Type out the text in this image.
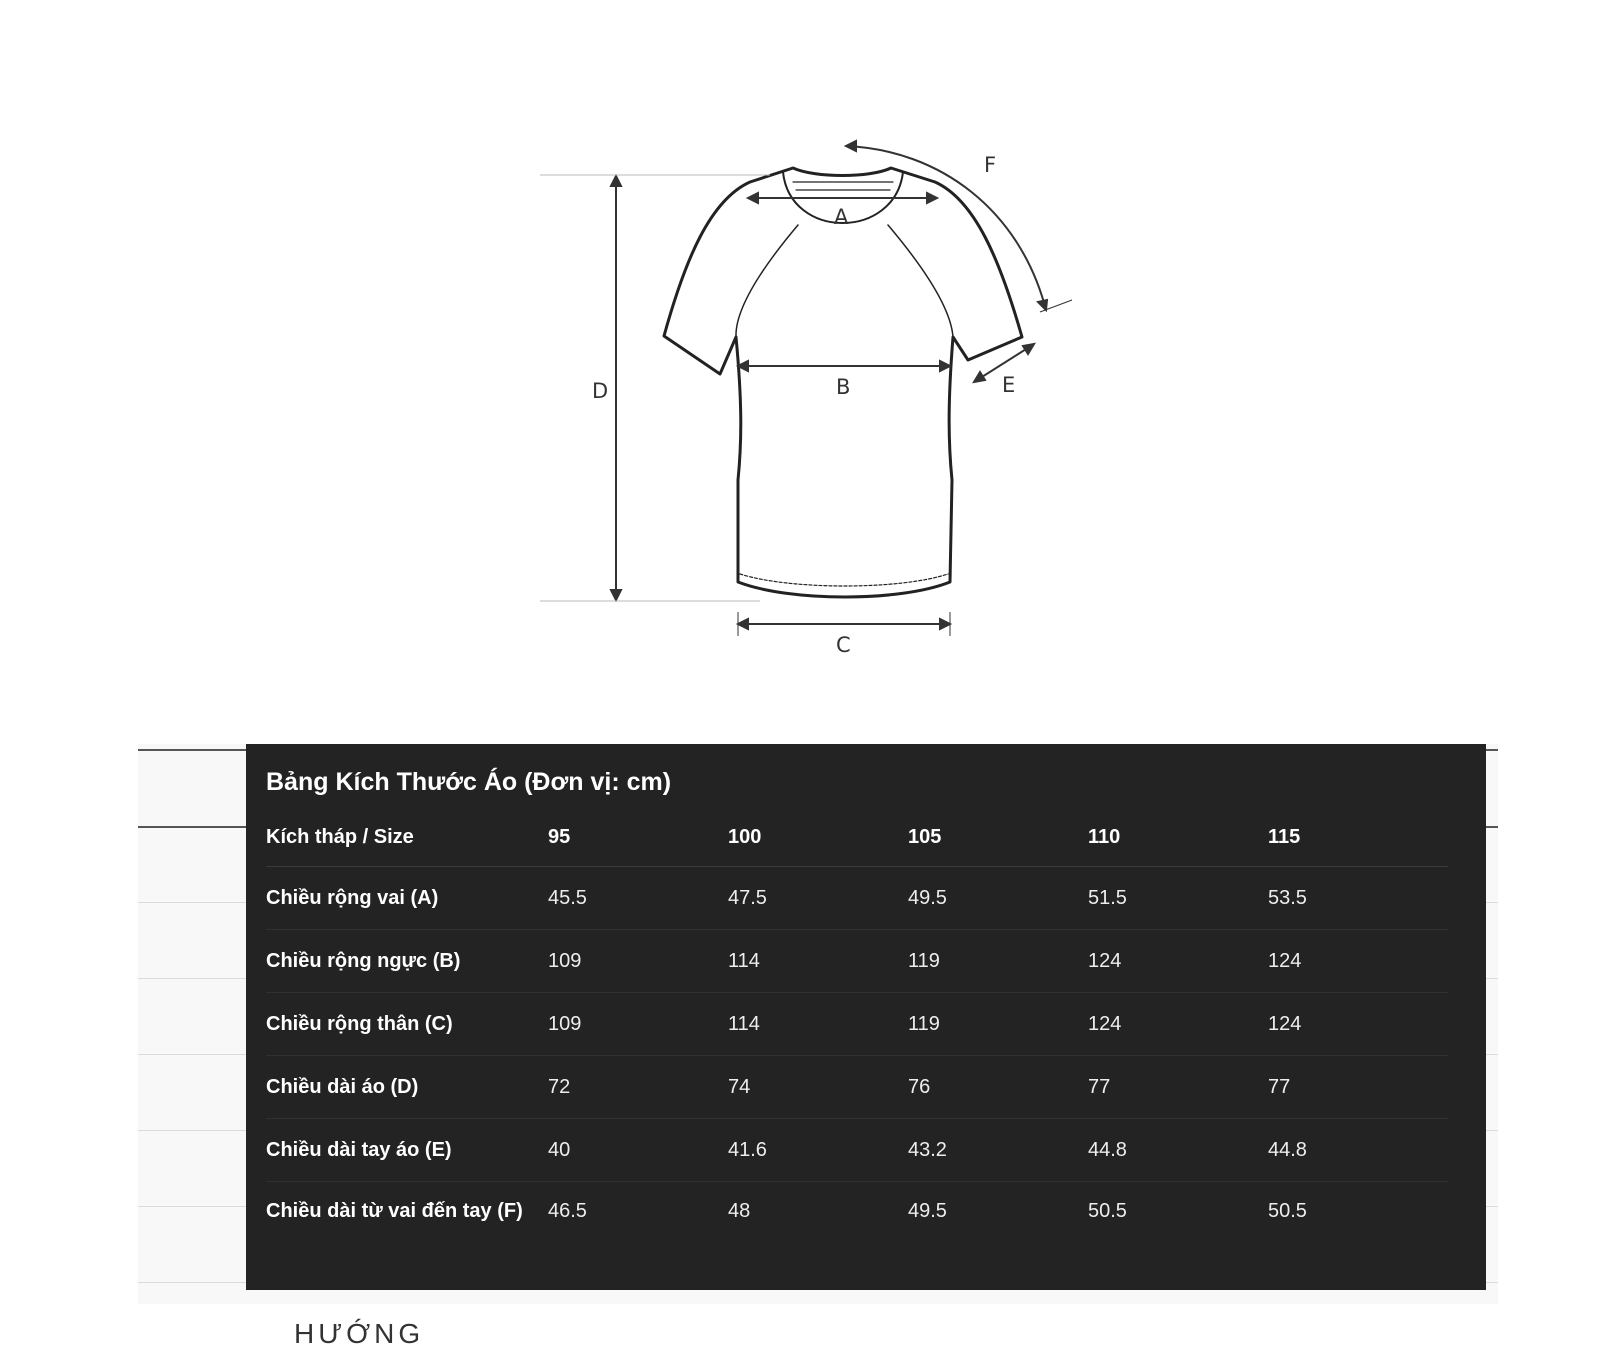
A
B
C
D	E
F
Bảng Kích Thước Áo (Đơn vị: cm)
Kích tháp / Size	95	100	105	110	115
Chiều rộng vai (A)	45.5	47.5	49.5	51.5	53.5
Chiều rộng ngực (B)	109	114	119	124	124
Chiều rộng thân (C)	109	114	119	124	124
Chiều dài áo (D)	72	74	76	77	77
Chiều dài tay áo (E)	40	41.6	43.2	44.8	44.8
Chiều dài từ vai đến tay (F)	46.5	48	49.5	50.5	50.5
HƯỚNG
